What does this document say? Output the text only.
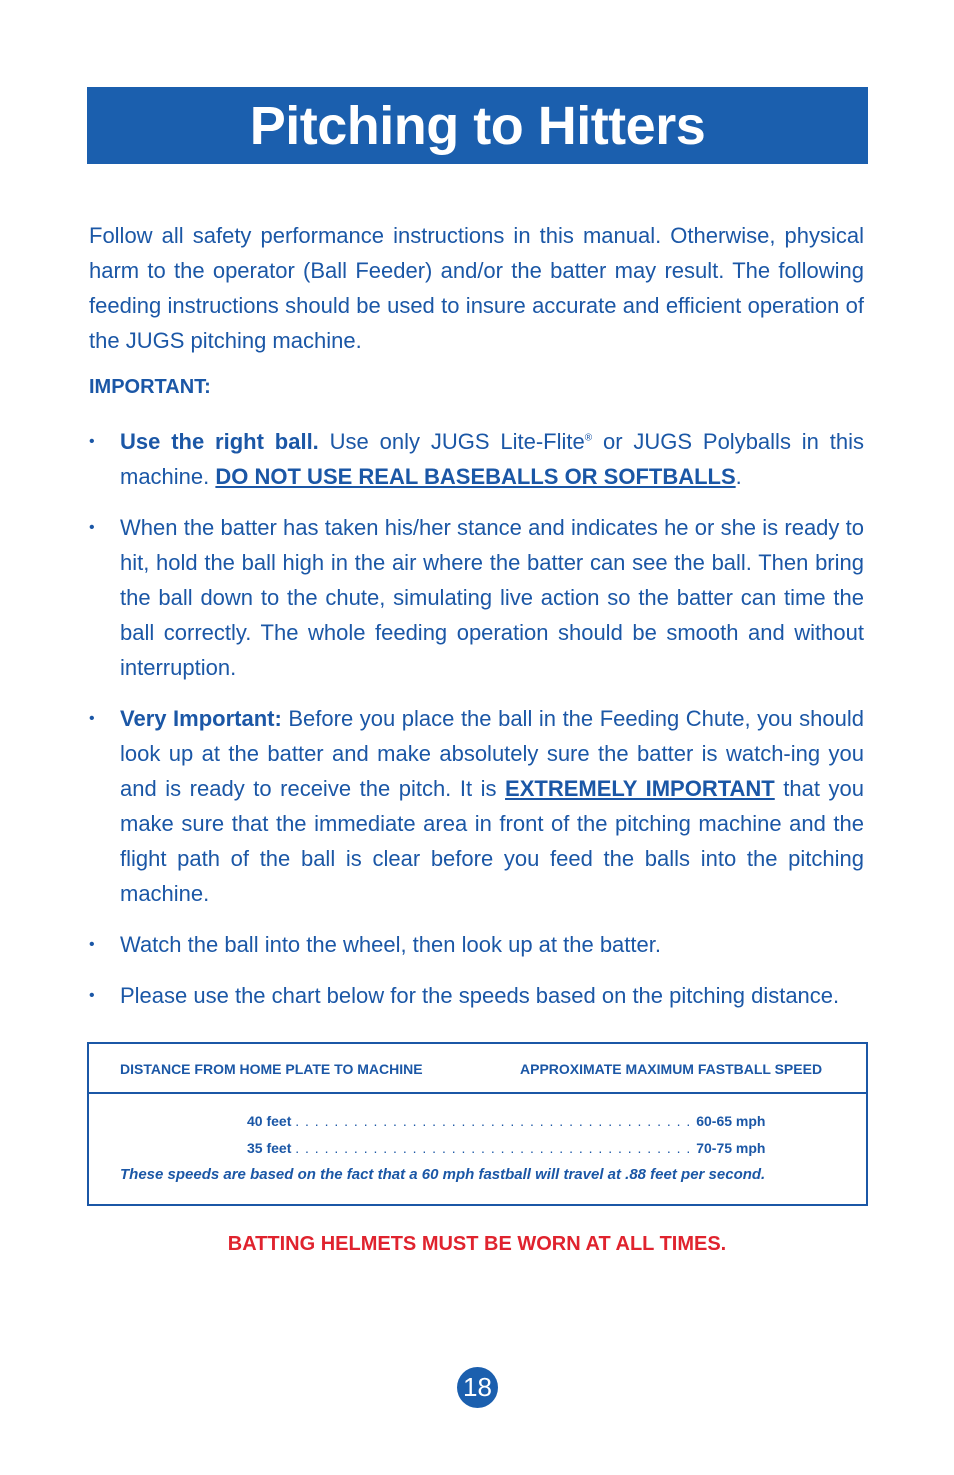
Pitching to Hitters

Follow all safety performance instructions in this manual. Otherwise, physical harm to the operator (Ball Feeder) and/or the batter may result. The following feeding instructions should be used to insure accurate and efficient operation of the JUGS pitching machine.

IMPORTANT:

• Use the right ball. Use only JUGS Lite-Flite® or JUGS Polyballs in this machine. DO NOT USE REAL BASEBALLS OR SOFTBALLS.
• When the batter has taken his/her stance and indicates he or she is ready to hit, hold the ball high in the air where the batter can see the ball. Then bring the ball down to the chute, simulating live action so the batter can time the ball correctly. The whole feeding operation should be smooth and without interruption.
• Very Important: Before you place the ball in the Feeding Chute, you should look up at the batter and make absolutely sure the batter is watch-ing you and is ready to receive the pitch. It is EXTREMELY IMPORTANT that you make sure that the immediate area in front of the pitching machine and the flight path of the ball is clear before you feed the balls into the pitching machine.
• Watch the ball into the wheel, then look up at the batter.
• Please use the chart below for the speeds based on the pitching distance.
DISTANCE FROM HOME PLATE TO MACHINE	APPROXIMATE MAXIMUM FASTBALL SPEED
40 feet . . . . . . . . . . . . . . . . . . . . . . . . . . . . . . . . . . . . . . . . . 60-65 mph
35 feet . . . . . . . . . . . . . . . . . . . . . . . . . . . . . . . . . . . . . . . . . 70-75 mph
These speeds are based on the fact that a 60 mph fastball will travel at .88 feet per second.
BATTING HELMETS MUST BE WORN AT ALL TIMES.
18
